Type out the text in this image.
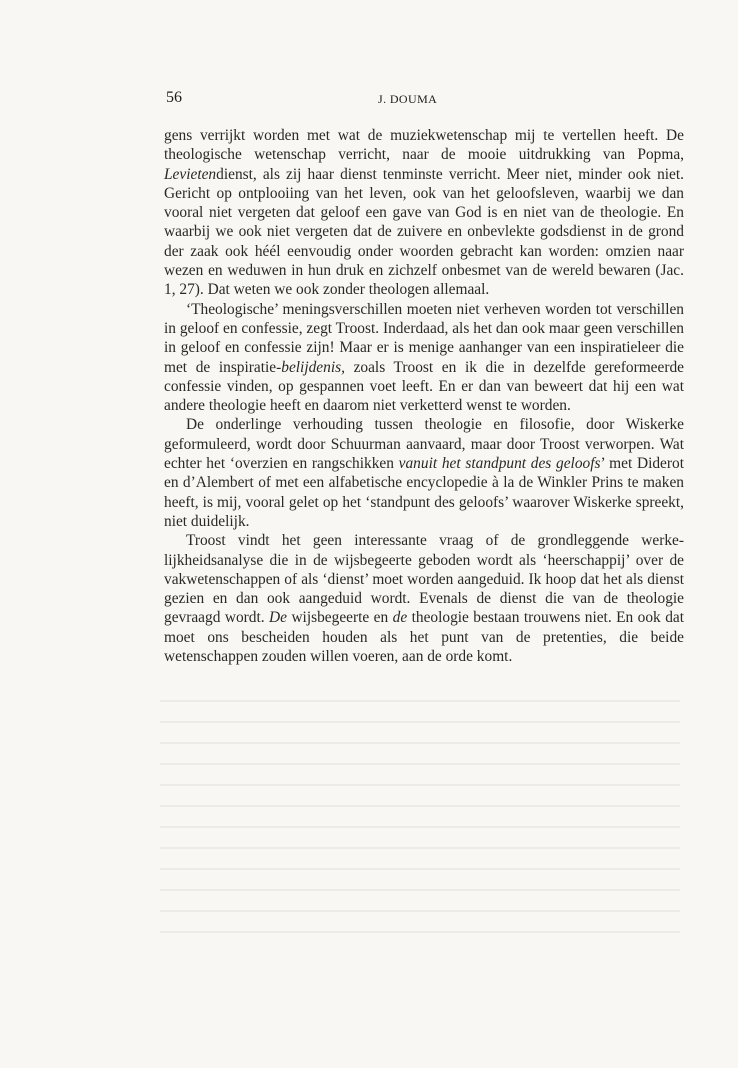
56	J. DOUMA

gens verrijkt worden met wat de muziekwetenschap mij te vertellen heeft. De theologische wetenschap verricht, naar de mooie uitdrukking van Popma, Levietendienst, als zij haar dienst tenminste verricht. Meer niet, minder ook niet. Gericht op ontplooiing van het leven, ook van het geloofsleven, waarbij we dan vooral niet vergeten dat geloof een gave van God is en niet van de theologie. En waarbij we ook niet vergeten dat de zuivere en onbevlekte godsdienst in de grond der zaak ook héél eenvoudig onder woorden gebracht kan worden: omzien naar wezen en weduwen in hun druk en zichzelf onbesmet van de wereld bewaren (Jac. 1, 27). Dat weten we ook zonder theologen allemaal.

‘Theologische’ meningsverschillen moeten niet verheven worden tot verschillen in geloof en confessie, zegt Troost. Inderdaad, als het dan ook maar geen verschillen in geloof en confessie zijn! Maar er is menige aanhanger van een inspiratieleer die met de inspiratie-belijdenis, zoals Troost en ik die in dezelfde gereformeerde confessie vinden, op gespannen voet leeft. En er dan van beweert dat hij een wat andere theologie heeft en daarom niet verketterd wenst te worden.

De onderlinge verhouding tussen theologie en filosofie, door Wiskerke geformuleerd, wordt door Schuurman aanvaard, maar door Troost verworpen. Wat echter het ‘overzien en rangschikken vanuit het standpunt des geloofs’ met Diderot en d’Alembert of met een alfabetische encyclopedie à la de Winkler Prins te maken heeft, is mij, vooral gelet op het ‘standpunt des geloofs’ waarover Wiskerke spreekt, niet duidelijk.

Troost vindt het geen interessante vraag of de grondleggende werkelijkheidsanalyse die in de wijsbegeerte geboden wordt als ‘heerschappij’ over de vakwetenschappen of als ‘dienst’ moet worden aangeduid. Ik hoop dat het als dienst gezien en dan ook aangeduid wordt. Evenals de dienst die van de theologie gevraagd wordt. De wijsbegeerte en de theologie bestaan trouwens niet. En ook dat moet ons bescheiden houden als het punt van de pretenties, die beide wetenschappen zouden willen voeren, aan de orde komt.
